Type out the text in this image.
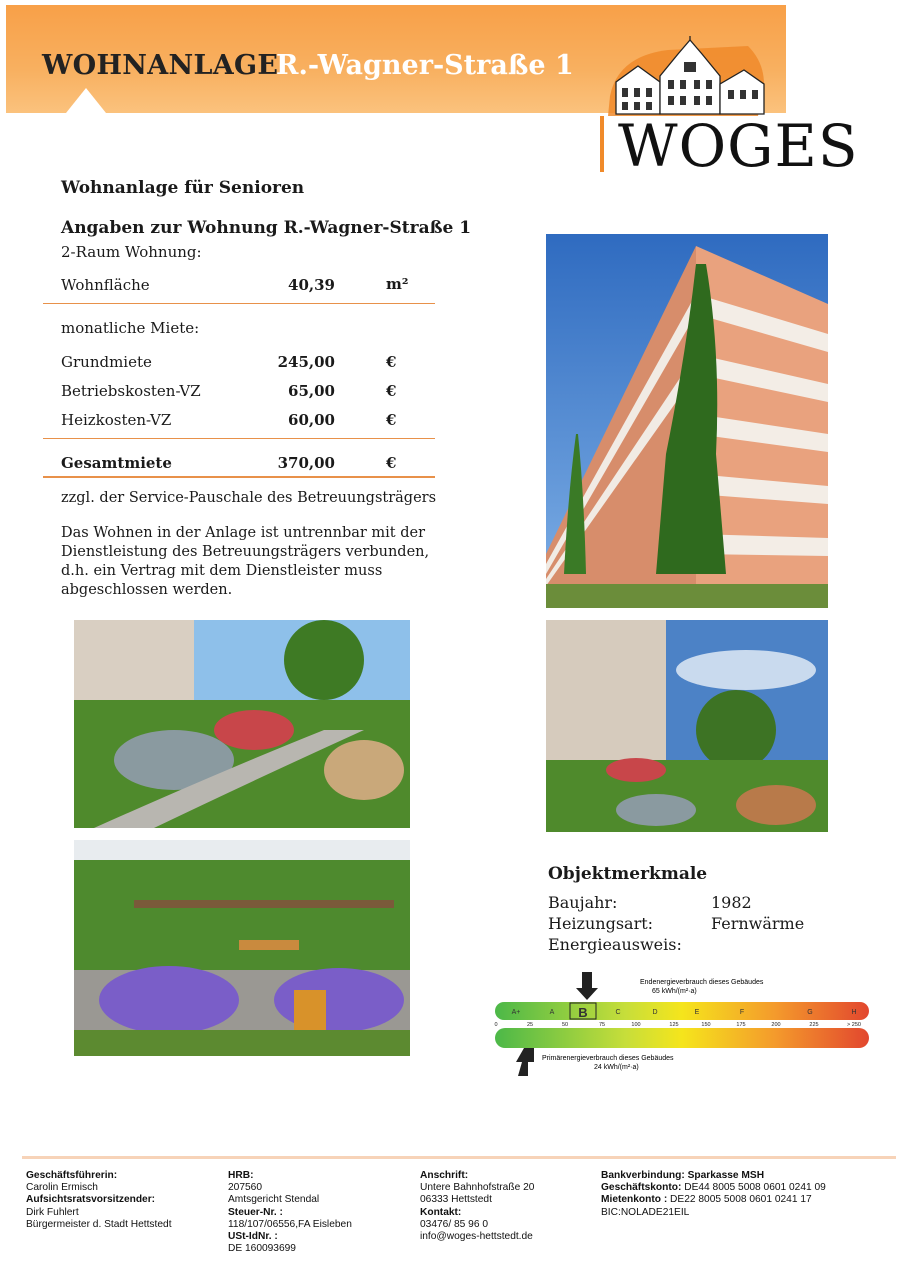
WOHNANLAGE
R.-Wagner-Straße 1
WOGES
Wohnanlage für Senioren
Angaben zur Wohnung R.-Wagner-Straße 1
2-Raum Wohnung:
Wohnfläche	40,39	m²
monatliche Miete:
Grundmiete	245,00	€
Betriebskosten-VZ	65,00	€
Heizkosten-VZ	60,00	€
Gesamtmiete	370,00	€
zzgl. der Service-Pauschale des Betreuungsträgers
Das Wohnen in der Anlage ist untrennbar mit der Dienstleistung des Betreuungsträgers verbunden, d.h. ein Vertrag mit dem Dienstleister muss abgeschlossen werden.
Objektmerkmale
Baujahr:	1982
Heizungsart:	Fernwärme
Energieausweis:
Endenergieverbrauch dieses Gebäudes
65 kWh/(m²·a)
A+	A B	C	D	E	F	G	H
0	25	50	75	100	125	150	175	200	225	> 250
Primärenergieverbrauch dieses Gebäudes
24 kWh/(m²·a)
Geschäftsführerin:
Carolin Ermisch
Aufsichtsratsvorsitzender:
Dirk Fuhlert
Bürgermeister d. Stadt Hettstedt
HRB:
207560
Amtsgericht Stendal
Steuer-Nr. :
118/107/06556,FA Eisleben
USt-IdNr. :
DE 160093699
Anschrift:
Untere Bahnhofstraße 20
06333 Hettstedt
Kontakt:
03476/ 85 96 0
info@woges-hettstedt.de
Bankverbindung: Sparkasse MSH
Geschäftskonto: DE44 8005 5008 0601 0241 09
Mietenkonto : DE22 8005 5008 0601 0241 17
BIC:NOLADE21EIL
